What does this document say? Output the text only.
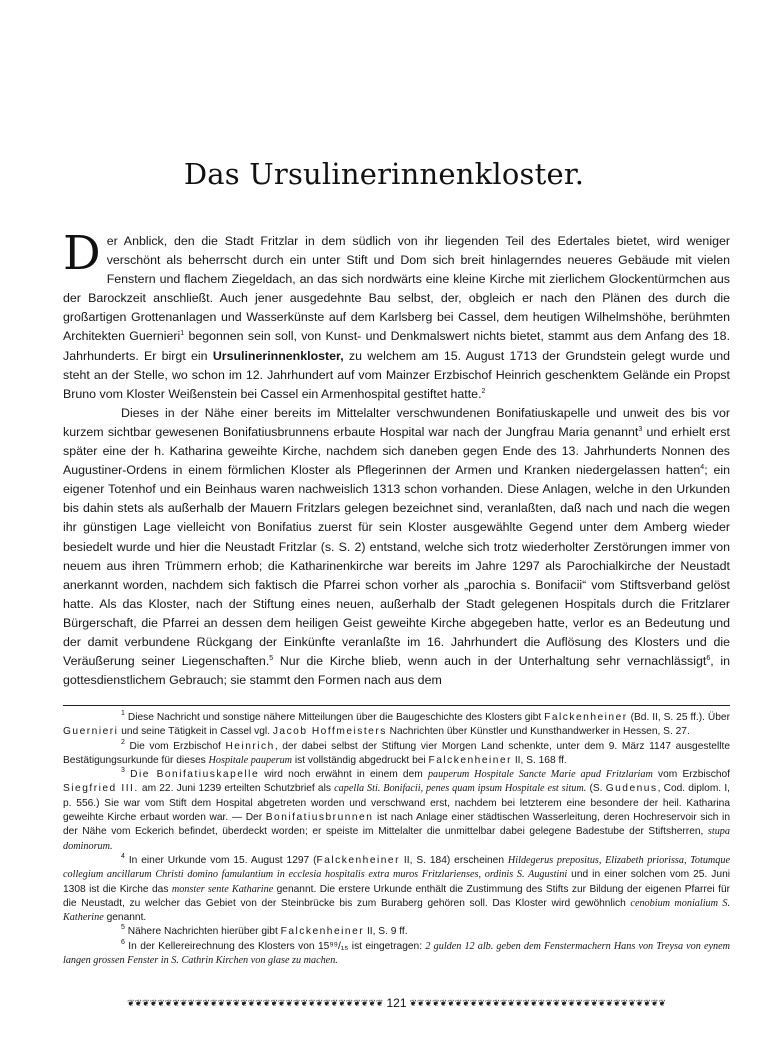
Das Ursulinerinnenkloster.

Der Anblick, den die Stadt Fritzlar in dem südlich von ihr liegenden Teil des Edertales bietet, wird weniger verschönt als beherrscht durch ein unter Stift und Dom sich breit hinlagerndes neueres Gebäude mit vielen Fenstern und flachem Ziegeldach, an das sich nordwärts eine kleine Kirche mit zierlichem Glockentürmchen aus der Barockzeit anschließt. Auch jener ausgedehnte Bau selbst, der, obgleich er nach den Plänen des durch die großartigen Grottenanlagen und Wasserkünste auf dem Karlsberg bei Cassel, dem heutigen Wilhelmshöhe, berühmten Architekten Guernieri$^1$ begonnen sein soll, von Kunst- und Denkmalswert nichts bietet, stammt aus dem Anfang des 18. Jahrhunderts. Er birgt ein Ursulinerinnenkloster, zu welchem am 15. August 1713 der Grundstein gelegt wurde und steht an der Stelle, wo schon im 12. Jahrhundert auf vom Mainzer Erzbischof Heinrich geschenktem Gelände ein Propst Bruno vom Kloster Weißenstein bei Cassel ein Armenhospital gestiftet hatte.$^2$

Dieses in der Nähe einer bereits im Mittelalter verschwundenen Bonifatiuskapelle und unweit des bis vor kurzem sichtbar gewesenen Bonifatiusbrunnens erbaute Hospital war nach der Jungfrau Maria genannt$^3$ und erhielt erst später eine der h. Katharina geweihte Kirche, nachdem sich daneben gegen Ende des 13. Jahrhunderts Nonnen des Augustiner-Ordens in einem förmlichen Kloster als Pflegerinnen der Armen und Kranken niedergelassen hatten$^4$; ein eigener Totenhof und ein Beinhaus waren nachweislich 1313 schon vorhanden. Diese Anlagen, welche in den Urkunden bis dahin stets als außerhalb der Mauern Fritzlars gelegen bezeichnet sind, veranlaßten, daß nach und nach die wegen ihr günstigen Lage vielleicht von Bonifatius zuerst für sein Kloster ausgewählte Gegend unter dem Amberg wieder besiedelt wurde und hier die Neustadt Fritzlar (s. S. 2) entstand, welche sich trotz wiederholter Zerstörungen immer von neuem aus ihren Trümmern erhob; die Katharinenkirche war bereits im Jahre 1297 als Parochialkirche der Neustadt anerkannt worden, nachdem sich faktisch die Pfarrei schon vorher als „parochia s. Bonifacii“ vom Stiftsverband gelöst hatte. Als das Kloster, nach der Stiftung eines neuen, außerhalb der Stadt gelegenen Hospitals durch die Fritzlarer Bürgerschaft, die Pfarrei an dessen dem heiligen Geist geweihte Kirche abgegeben hatte, verlor es an Bedeutung und der damit verbundene Rückgang der Einkünfte veranlaßte im 16. Jahrhundert die Auflösung des Klosters und die Veräußerung seiner Liegenschaften.$^5$ Nur die Kirche blieb, wenn auch in der Unterhaltung sehr vernachlässigt$^6$, in gottesdienstlichem Gebrauch; sie stammt den Formen nach aus dem

$^1$ Diese Nachricht und sonstige nähere Mitteilungen über die Baugeschichte des Klosters gibt Falckenheiner (Bd. II, S. 25 ff.). Über Guernieri und seine Tätigkeit in Cassel vgl. Jacob Hoffmeisters Nachrichten über Künstler und Kunsthandwerker in Hessen, S. 27.

$^2$ Die vom Erzbischof Heinrich, der dabei selbst der Stiftung vier Morgen Land schenkte, unter dem 9. März 1147 ausgestellte Bestätigungsurkunde für dieses Hospitale pauperum ist vollständig abgedruckt bei Falckenheiner II, S. 168 ff.

$^3$ Die Bonifatiuskapelle wird noch erwähnt in einem dem pauperum Hospitale Sancte Marie apud Fritzlariam vom Erzbischof Siegfried III. am 22. Juni 1239 erteilten Schutzbrief als capella Sti. Bonifacii, penes quam ipsum Hospitale est situm. (S. Gudenus, Cod. diplom. I, p. 556.) Sie war vom Stift dem Hospital abgetreten worden und verschwand erst, nachdem bei letzterem eine besondere der heil. Katharina geweihte Kirche erbaut worden war. — Der Bonifatiusbrunnen ist nach Anlage einer städtischen Wasserleitung, deren Hochreservoir sich in der Nähe vom Eckerich befindet, überdeckt worden; er speiste im Mittelalter die unmittelbar dabei gelegene Badestube der Stiftsherren, stupa dominorum.

$^4$ In einer Urkunde vom 15. August 1297 (Falckenheiner II, S. 184) erscheinen Hildegerus prepositus, Elizabeth priorissa, Totumque collegium ancillarum Christi domino famulantium in ecclesia hospitalis extra muros Fritzlarienses, ordinis S. Augustini und in einer solchen vom 25. Juni 1308 ist die Kirche das monster sente Katharine genannt. Die erstere Urkunde enthält die Zustimmung des Stifts zur Bildung der eigenen Pfarrei für die Neustadt, zu welcher das Gebiet von der Steinbrücke bis zum Buraberg gehören soll. Das Kloster wird gewöhnlich cenobium monialium S. Katherine genannt.

$^5$ Nähere Nachrichten hierüber gibt Falckenheiner II, S. 9 ff.

$^6$ In der Kellereirechnung des Klosters von 15⁹⁹/₁₅ ist eingetragen: 2 gulden 12 alb. geben dem Fenstermachern Hans von Treysa von eynem langen grossen Fenster in S. Cathrin Kirchen von glase zu machen.

❦❦❦❦❦❦❦❦❦❦❦❦❦❦❦❦❦❦❦❦❦❦❦❦❦❦❦❦❦❦❦❦❦❦ 121 ❦❦❦❦❦❦❦❦❦❦❦❦❦❦❦❦❦❦❦❦❦❦❦❦❦❦❦❦❦❦❦❦❦❦
